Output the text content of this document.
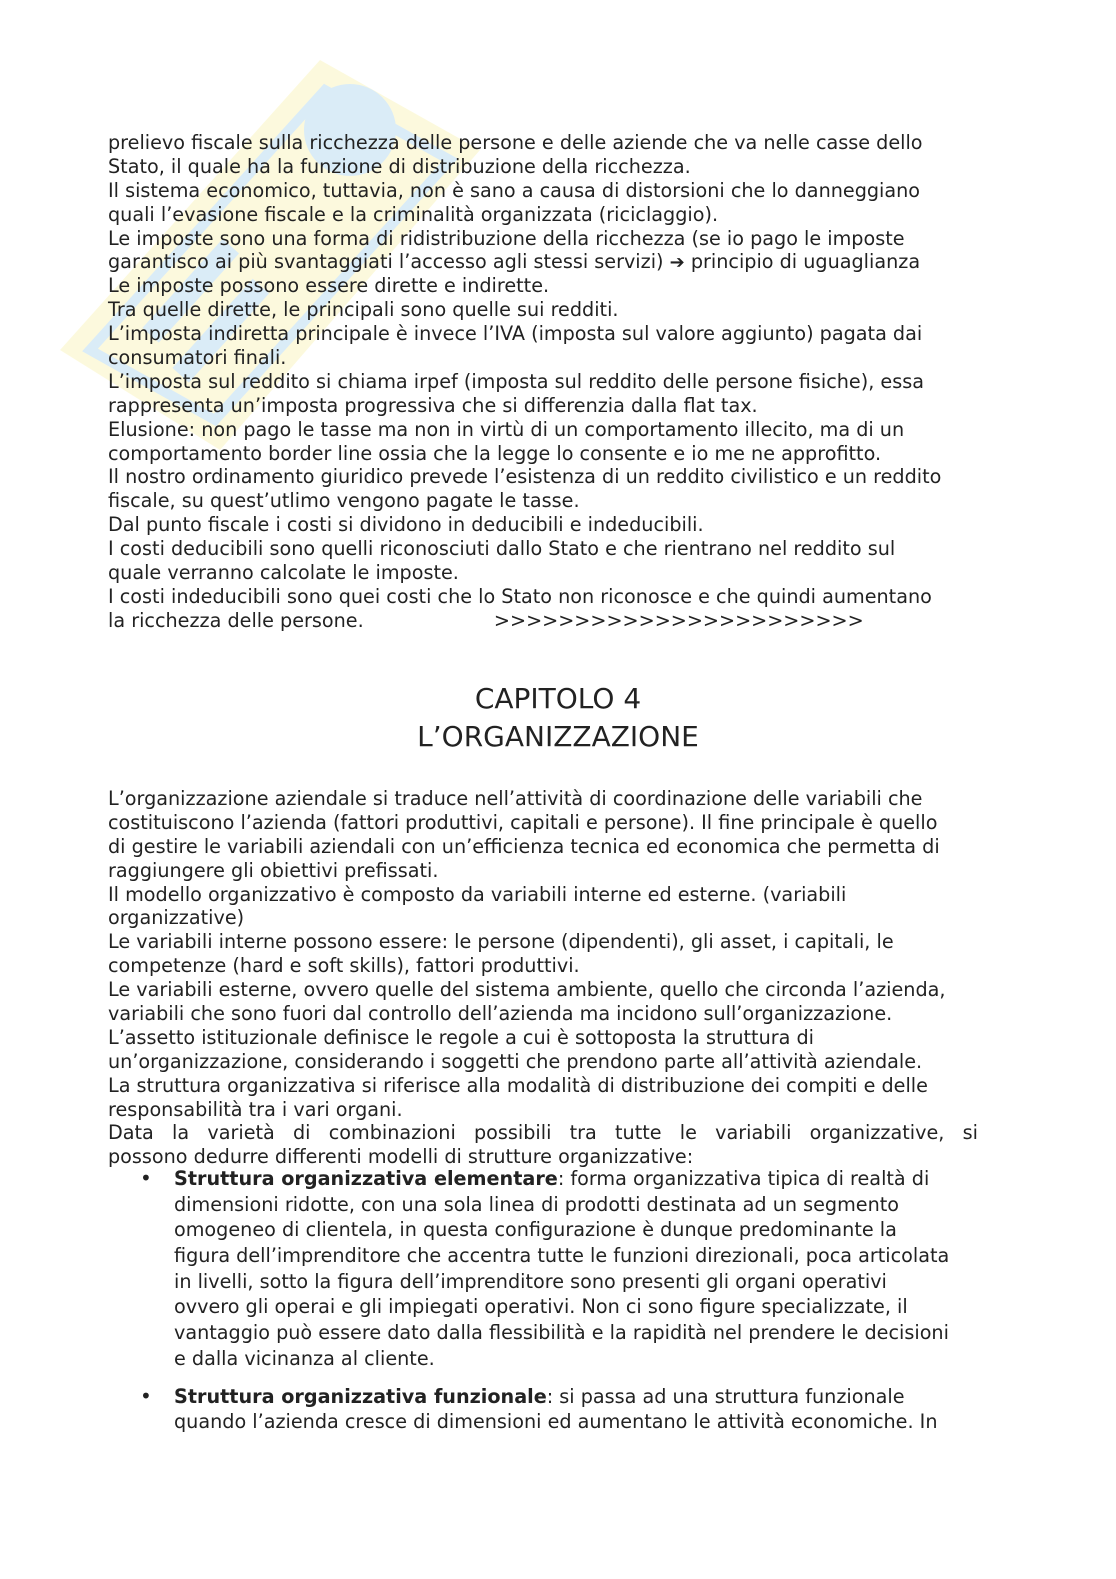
prelievo fiscale sulla ricchezza delle persone e delle aziende che va nelle casse dello
Stato, il quale ha la funzione di distribuzione della ricchezza.
Il sistema economico, tuttavia, non è sano a causa di distorsioni che lo danneggiano
quali l’evasione fiscale e la criminalità organizzata (riciclaggio).
Le imposte sono una forma di ridistribuzione della ricchezza (se io pago le imposte
garantisco ai più svantaggiati l’accesso agli stessi servizi) ➔ principio di uguaglianza
Le imposte possono essere dirette e indirette.
Tra quelle dirette, le principali sono quelle sui redditi.
L’imposta indiretta principale è invece l’IVA (imposta sul valore aggiunto) pagata dai
consumatori finali.
L’imposta sul reddito si chiama irpef (imposta sul reddito delle persone fisiche), essa
rappresenta un’imposta progressiva che si differenzia dalla flat tax.
Elusione: non pago le tasse ma non in virtù di un comportamento illecito, ma di un
comportamento border line ossia che la legge lo consente e io me ne approfitto.
Il nostro ordinamento giuridico prevede l’esistenza di un reddito civilistico e un reddito
fiscale, su quest’utlimo vengono pagate le tasse.
Dal punto fiscale i costi si dividono in deducibili e indeducibili.
I costi deducibili sono quelli riconosciuti dallo Stato e che rientrano nel reddito sul
quale verranno calcolate le imposte.
I costi indeducibili sono quei costi che lo Stato non riconosce e che quindi aumentano
la ricchezza delle persone.	>>>>>>>>>>>>>>>>>>>>>>>
CAPITOLO 4
L’ORGANIZZAZIONE
L’organizzazione aziendale si traduce nell’attività di coordinazione delle variabili che
costituiscono l’azienda (fattori produttivi, capitali e persone). Il fine principale è quello
di gestire le variabili aziendali con un’efficienza tecnica ed economica che permetta di
raggiungere gli obiettivi prefissati.
Il modello organizzativo è composto da variabili interne ed esterne. (variabili
organizzative)
Le variabili interne possono essere: le persone (dipendenti), gli asset, i capitali, le
competenze (hard e soft skills), fattori produttivi.
Le variabili esterne, ovvero quelle del sistema ambiente, quello che circonda l’azienda,
variabili che sono fuori dal controllo dell’azienda ma incidono sull’organizzazione.
L’assetto istituzionale definisce le regole a cui è sottoposta la struttura di
un’organizzazione, considerando i soggetti che prendono parte all’attività aziendale.
La struttura organizzativa si riferisce alla modalità di distribuzione dei compiti e delle
responsabilità tra i vari organi.
Data la varietà di combinazioni possibili tra tutte le variabili organizzative, si
possono dedurre differenti modelli di strutture organizzative:
• Struttura organizzativa elementare: forma organizzativa tipica di realtà di
dimensioni ridotte, con una sola linea di prodotti destinata ad un segmento
omogeneo di clientela, in questa configurazione è dunque predominante la
figura dell’imprenditore che accentra tutte le funzioni direzionali, poca articolata
in livelli, sotto la figura dell’imprenditore sono presenti gli organi operativi
ovvero gli operai e gli impiegati operativi. Non ci sono figure specializzate, il
vantaggio può essere dato dalla flessibilità e la rapidità nel prendere le decisioni
e dalla vicinanza al cliente.
• Struttura organizzativa funzionale: si passa ad una struttura funzionale
quando l’azienda cresce di dimensioni ed aumentano le attività economiche. In
